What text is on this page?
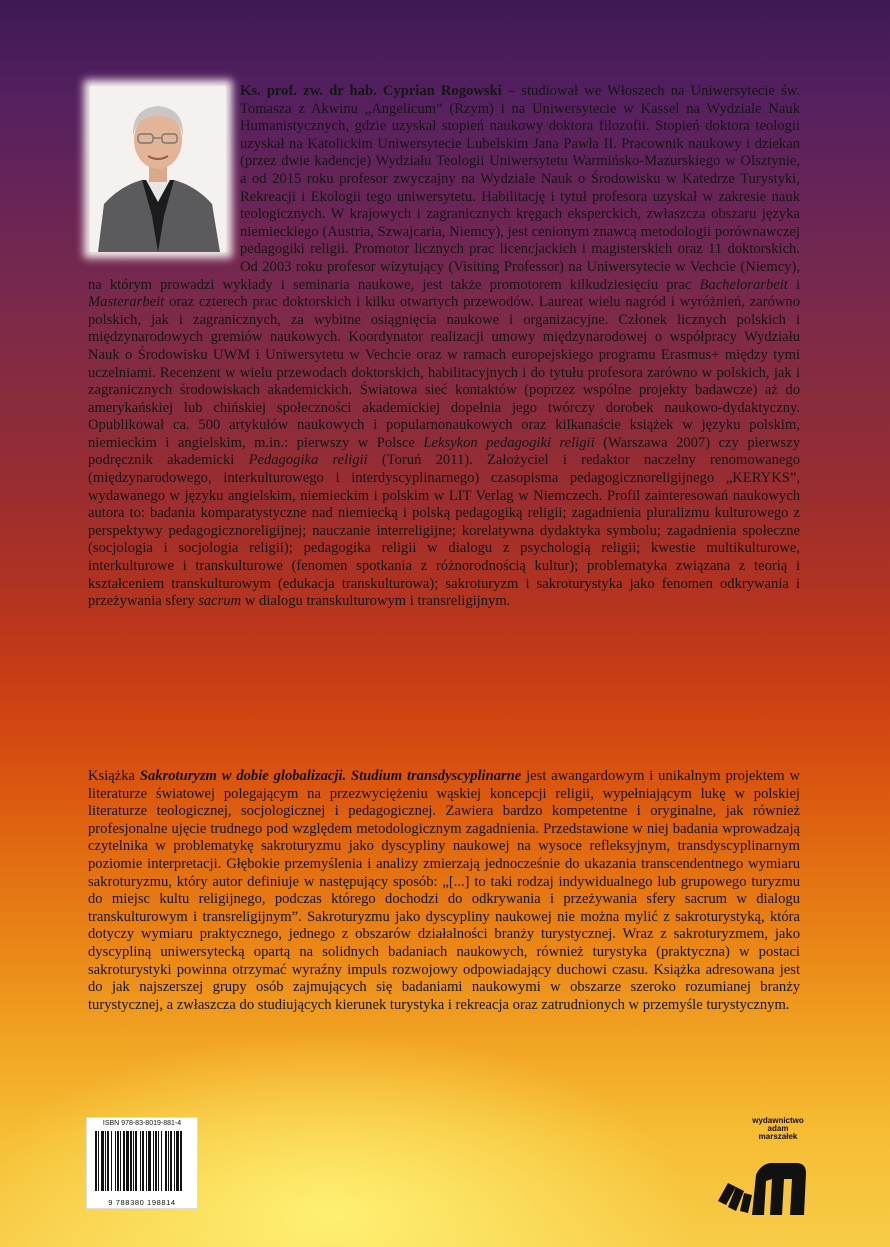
Ks. prof. zw. dr hab. Cyprian Rogowski – studiował we Włoszech na Uniwersytecie św. Tomasza z Akwinu „Angelicum” (Rzym) i na Uniwersytecie w Kassel na Wydziale Nauk Humanistycznych, gdzie uzyskał stopień naukowy doktora filozofii. Stopień doktora teologii uzyskał na Katolickim Uniwersytecie Lubelskim Jana Pawła II. Pracownik naukowy i dziekan (przez dwie kadencje) Wydziału Teologii Uniwersytetu Warmińsko-Mazurskiego w Olsztynie, a od 2015 roku profesor zwyczajny na Wydziale Nauk o Środowisku w Katedrze Turystyki, Rekreacji i Ekologii tego uniwersytetu. Habilitację i tytuł profesora uzyskał w zakresie nauk teologicznych. W krajowych i zagranicznych kręgach eksperckich, zwłaszcza obszaru języka niemieckiego (Austria, Szwajcaria, Niemcy), jest cenionym znawcą metodologii porównawczej pedagogiki religii. Promotor licznych prac licencjackich i magisterskich oraz 11 doktorskich. Od 2003 roku profesor wizytujący (Visiting Professor) na Uniwersytecie w Vechcie (Niemcy), na którym prowadzi wykłady i seminaria naukowe, jest także promotorem kilkudziesięciu prac Bachelorarbeit i Masterarbeit oraz czterech prac doktorskich i kilku otwartych przewodów. Laureat wielu nagród i wyróżnień, zarówno polskich, jak i zagranicznych, za wybitne osiągnięcia naukowe i organizacyjne. Członek licznych polskich i międzynarodowych gremiów naukowych. Koordynator realizacji umowy międzynarodowej o współpracy Wydziału Nauk o Środowisku UWM i Uniwersytetu w Vechcie oraz w ramach europejskiego programu Erasmus+ między tymi uczelniami. Recenzent w wielu przewodach doktorskich, habilitacyjnych i do tytułu profesora zarówno w polskich, jak i zagranicznych środowiskach akademickich. Światowa sieć kontaktów (poprzez wspólne projekty badawcze) aż do amerykańskiej lub chińskiej społeczności akademickiej dopełnia jego twórczy dorobek naukowo-dydaktyczny. Opublikował ca. 500 artykułów naukowych i popularnonaukowych oraz kilkanaście książek w języku polskim, niemieckim i angielskim, m.in.: pierwszy w Polsce Leksykon pedagogiki religii (Warszawa 2007) czy pierwszy podręcznik akademicki Pedagogika religii (Toruń 2011). Założyciel i redaktor naczelny renomowanego (międzynarodowego, interkulturowego i interdyscyplinarnego) czasopisma pedagogicznoreligijnego „KERYKS”, wydawanego w języku angielskim, niemieckim i polskim w LIT Verlag w Niemczech. Profil zainteresowań naukowych autora to: badania komparatystyczne nad niemiecką i polską pedagogiką religii; zagadnienia pluralizmu kulturowego z perspektywy pedagogicznoreligijnej; nauczanie interreligijne; korelatywna dydaktyka symbolu; zagadnienia społeczne (socjologia i socjologia religii); pedagogika religii w dialogu z psychologią religii; kwestie multikulturowe, interkulturowe i transkulturowe (fenomen spotkania z różnorodnością kultur); problematyka związana z teorią i kształceniem transkulturowym (edukacja transkulturowa); sakroturyzm i sakroturystyka jako fenomen odkrywania i przeżywania sfery sacrum w dialogu transkulturowym i transreligijnym.

Książka Sakroturyzm w dobie globalizacji. Studium transdyscyplinarne jest awangardowym i unikalnym projektem w literaturze światowej polegającym na przezwyciężeniu wąskiej koncepcji religii, wypełniającym lukę w polskiej literaturze teologicznej, socjologicznej i pedagogicznej. Zawiera bardzo kompetentne i oryginalne, jak również profesjonalne ujęcie trudnego pod względem metodologicznym zagadnienia. Przedstawione w niej badania wprowadzają czytelnika w problematykę sakroturyzmu jako dyscypliny naukowej na wysoce refleksyjnym, transdyscyplinarnym poziomie interpretacji. Głębokie przemyślenia i analizy zmierzają jednocześnie do ukazania transcendentnego wymiaru sakroturyzmu, który autor definiuje w następujący sposób: „[...] to taki rodzaj indywidualnego lub grupowego turyzmu do miejsc kultu religijnego, podczas którego dochodzi do odkrywania i przeżywania sfery sacrum w dialogu transkulturowym i transreligijnym”. Sakroturyzmu jako dyscypliny naukowej nie można mylić z sakroturystyką, która dotyczy wymiaru praktycznego, jednego z obszarów działalności branży turystycznej. Wraz z sakroturyzmem, jako dyscypliną uniwersytecką opartą na solidnych badaniach naukowych, również turystyka (praktyczna) w postaci sakroturystyki powinna otrzymać wyraźny impuls rozwojowy odpowiadający duchowi czasu. Książka adresowana jest do jak najszerszej grupy osób zajmujących się badaniami naukowymi w obszarze szeroko rozumianej branży turystycznej, a zwłaszcza do studiujących kierunek turystyka i rekreacja oraz zatrudnionych w przemyśle turystycznym.

ISBN 978-83-8019-881-4
9 788380 198814
wydawnictwo
adam
marszałek
